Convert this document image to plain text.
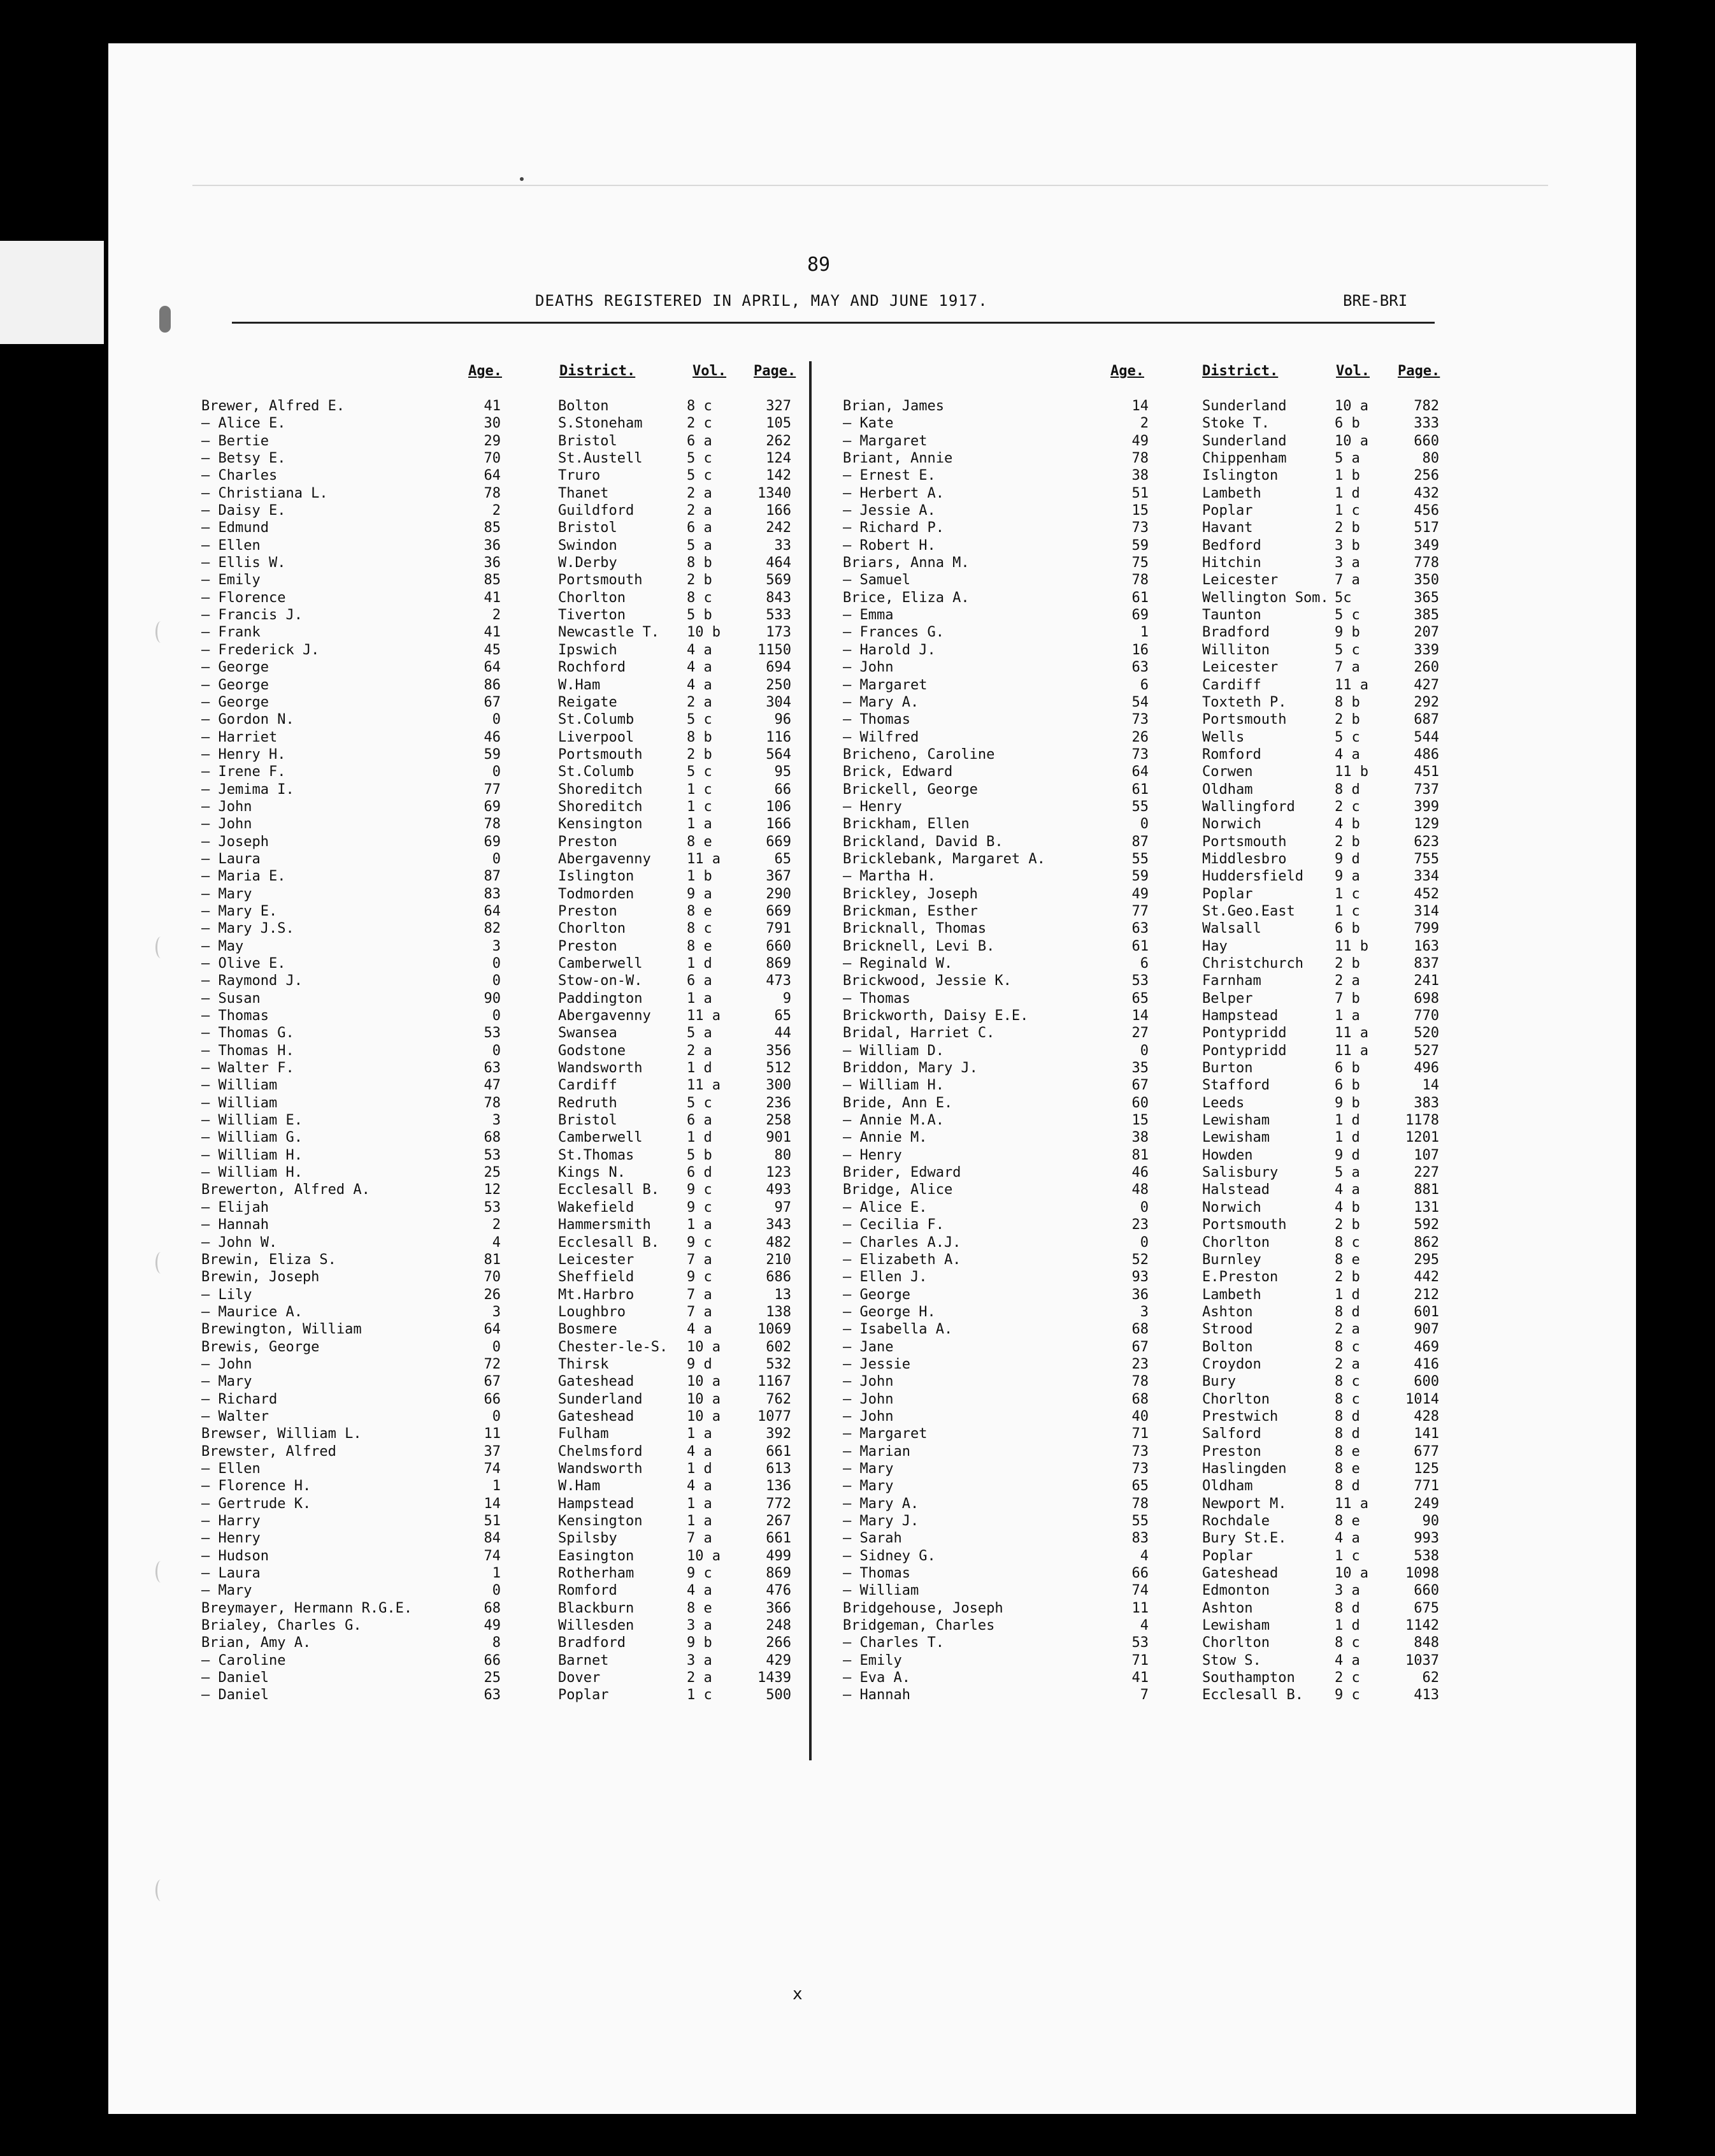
89
DEATHS REGISTERED IN APRIL, MAY AND JUNE 1917.	BRE-BRI
Age.	District.	Vol. Page.	Age.	District.	Vol. Page.
Brewer, Alfred E.	41	Bolton	8 c	327
— Alice E.	30	S.Stoneham	2 c	105
— Bertie	29	Bristol	6 a	262
— Betsy E.	70	St.Austell	5 c	124
— Charles	64	Truro	5 c	142
— Christiana L.	78	Thanet	2 a	1340
— Daisy E.	2	Guildford	2 a	166
— Edmund	85	Bristol	6 a	242
— Ellen	36	Swindon	5 a	33
— Ellis W.	36	W.Derby	8 b	464
— Emily	85	Portsmouth	2 b	569
— Florence	41	Chorlton	8 c	843
— Francis J.	2	Tiverton	5 b	533
— Frank	41	Newcastle T. 10 b	173
— Frederick J.	45	Ipswich	4 a	1150
— George	64	Rochford	4 a	694
— George	86	W.Ham	4 a	250
— George	67	Reigate	2 a	304
— Gordon N.	0	St.Columb	5 c	96
— Harriet	46	Liverpool	8 b	116
— Henry H.	59	Portsmouth	2 b	564
— Irene F.	0	St.Columb	5 c	95
— Jemima I.	77	Shoreditch	1 c	66
— John	69	Shoreditch	1 c	106
— John	78	Kensington	1 a	166
— Joseph	69	Preston	8 e	669
— Laura	0	Abergavenny	11 a	65
— Maria E.	87	Islington	1 b	367
— Mary	83	Todmorden	9 a	290
— Mary E.	64	Preston	8 e	669
— Mary J.S.	82	Chorlton	8 c	791
— May	3	Preston	8 e	660
— Olive E.	0	Camberwell	1 d	869
— Raymond J.	0	Stow-on-W.	6 a	473
— Susan	90	Paddington	1 a	9
— Thomas	0	Abergavenny	11 a	65
— Thomas G.	53	Swansea	5 a	44
— Thomas H.	0	Godstone	2 a	356
— Walter F.	63	Wandsworth	1 d	512
— William	47	Cardiff	11 a	300
— William	78	Redruth	5 c	236
— William E.	3	Bristol	6 a	258
— William G.	68	Camberwell	1 d	901
— William H.	53	St.Thomas	5 b	80
— William H.	25	Kings N.	6 d	123
Brewerton, Alfred A.	12	Ecclesall B. 9 c	493
— Elijah	53	Wakefield	9 c	97
— Hannah	2	Hammersmith	1 a	343
— John W.	4	Ecclesall B. 9 c	482
Brewin, Eliza S.	81	Leicester	7 a	210
Brewin, Joseph	70	Sheffield	9 c	686
— Lily	26	Mt.Harbro	7 a	13
— Maurice A.	3	Loughbro	7 a	138
Brewington, William	64	Bosmere	4 a	1069
Brewis, George	0	Chester-le-S. 10 a	602
— John	72	Thirsk	9 d	532
— Mary	67	Gateshead	10 a	1167
— Richard	66	Sunderland	10 a	762
— Walter	0	Gateshead	10 a	1077
Brewser, William L.	11	Fulham	1 a	392
Brewster, Alfred	37	Chelmsford	4 a	661
— Ellen	74	Wandsworth	1 d	613
— Florence H.	1	W.Ham	4 a	136
— Gertrude K.	14	Hampstead	1 a	772
— Harry	51	Kensington	1 a	267
— Henry	84	Spilsby	7 a	661
— Hudson	74	Easington	10 a	499
— Laura	1	Rotherham	9 c	869
— Mary	0	Romford	4 a	476
Breymayer, Hermann R.G.E.	68	Blackburn	8 e	366
Brialey, Charles G.	49	Willesden	3 a	248
Brian, Amy A.	8	Bradford	9 b	266
— Caroline	66	Barnet	3 a	429
— Daniel	25	Dover	2 a	1439
— Daniel	63	Poplar	1 c	500
Brian, James	14	Sunderland	10 a	782
— Kate	2	Stoke T.	6 b	333
— Margaret	49	Sunderland	10 a	660
Briant, Annie	78	Chippenham	5 a	80
— Ernest E.	38	Islington	1 b	256
— Herbert A.	51	Lambeth	1 d	432
— Jessie A.	15	Poplar	1 c	456
— Richard P.	73	Havant	2 b	517
— Robert H.	59	Bedford	3 b	349
Briars, Anna M.	75	Hitchin	3 a	778
— Samuel	78	Leicester	7 a	350
Brice, Eliza A.	61	Wellington Som. 5c	365
— Emma	69	Taunton	5 c	385
— Frances G.	1	Bradford	9 b	207
— Harold J.	16	Williton	5 c	339
— John	63	Leicester	7 a	260
— Margaret	6	Cardiff	11 a	427
— Mary A.	54	Toxteth P.	8 b	292
— Thomas	73	Portsmouth	2 b	687
— Wilfred	26	Wells	5 c	544
Bricheno, Caroline	73	Romford	4 a	486
Brick, Edward	64	Corwen	11 b	451
Brickell, George	61	Oldham	8 d	737
— Henry	55	Wallingford	2 c	399
Brickham, Ellen	0	Norwich	4 b	129
Brickland, David B.	87	Portsmouth	2 b	623
Bricklebank, Margaret A.	55	Middlesbro	9 d	755
— Martha H.	59	Huddersfield 9 a	334
Brickley, Joseph	49	Poplar	1 c	452
Brickman, Esther	77	St.Geo.East	1 c	314
Bricknall, Thomas	63	Walsall	6 b	799
Bricknell, Levi B.	61	Hay	11 b	163
— Reginald W.	6	Christchurch 2 b	837
Brickwood, Jessie K.	53	Farnham	2 a	241
— Thomas	65	Belper	7 b	698
Brickworth, Daisy E.E.	14	Hampstead	1 a	770
Bridal, Harriet C.	27	Pontypridd	11 a	520
— William D.	0	Pontypridd	11 a	527
Briddon, Mary J.	35	Burton	6 b	496
— William H.	67	Stafford	6 b	14
Bride, Ann E.	60	Leeds	9 b	383
— Annie M.A.	15	Lewisham	1 d	1178
— Annie M.	38	Lewisham	1 d	1201
— Henry	81	Howden	9 d	107
Brider, Edward	46	Salisbury	5 a	227
Bridge, Alice	48	Halstead	4 a	881
— Alice E.	0	Norwich	4 b	131
— Cecilia F.	23	Portsmouth	2 b	592
— Charles A.J.	0	Chorlton	8 c	862
— Elizabeth A.	52	Burnley	8 e	295
— Ellen J.	93	E.Preston	2 b	442
— George	36	Lambeth	1 d	212
— George H.	3	Ashton	8 d	601
— Isabella A.	68	Strood	2 a	907
— Jane	67	Bolton	8 c	469
— Jessie	23	Croydon	2 a	416
— John	78	Bury	8 c	600
— John	68	Chorlton	8 c	1014
— John	40	Prestwich	8 d	428
— Margaret	71	Salford	8 d	141
— Marian	73	Preston	8 e	677
— Mary	73	Haslingden	8 e	125
— Mary	65	Oldham	8 d	771
— Mary A.	78	Newport M.	11 a	249
— Mary J.	55	Rochdale	8 e	90
— Sarah	83	Bury St.E.	4 a	993
— Sidney G.	4	Poplar	1 c	538
— Thomas	66	Gateshead	10 a	1098
— William	74	Edmonton	3 a	660
Bridgehouse, Joseph	11	Ashton	8 d	675
Bridgeman, Charles	4	Lewisham	1 d	1142
— Charles T.	53	Chorlton	8 c	848
— Emily	71	Stow S.	4 a	1037
— Eva A.	41	Southampton	2 c	62
— Hannah	7	Ecclesall B. 9 c	413
x
